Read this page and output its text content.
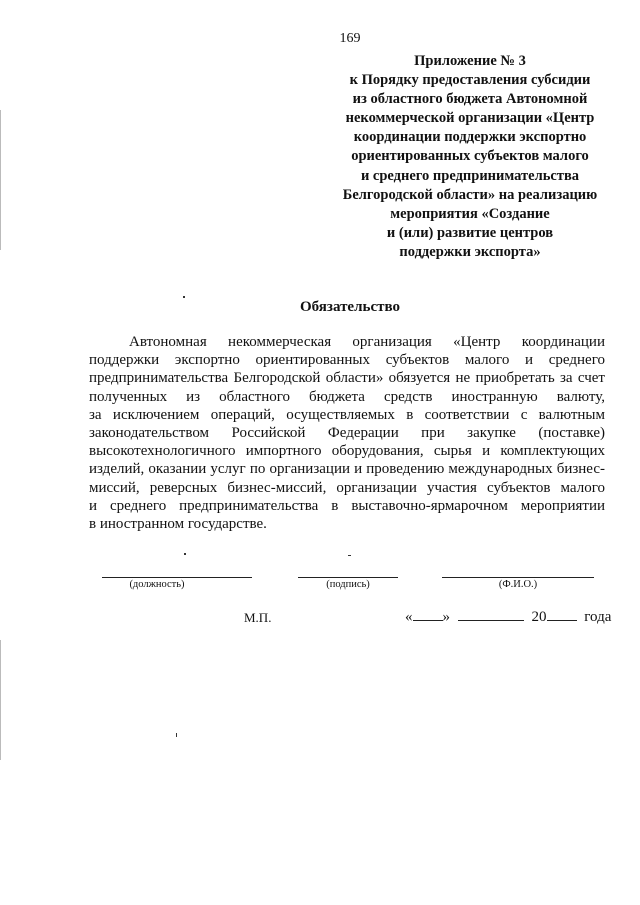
169
Приложение № 3
к Порядку предоставления субсидии
из областного бюджета Автономной
некоммерческой организации «Центр
координации поддержки экспортно
ориентированных субъектов малого
и среднего предпринимательства
Белгородской области» на реализацию
мероприятия «Создание
и (или) развитие центров
поддержки экспорта»
Обязательство
Автономная некоммерческая организация «Центр координации
поддержки экспортно ориентированных субъектов малого и среднего
предпринимательства Белгородской области» обязуется не приобретать за счет
полученных из областного бюджета средств иностранную валюту,
за исключением операций, осуществляемых в соответствии с валютным
законодательством Российской Федерации при закупке (поставке)
высокотехнологичного импортного оборудования, сырья и комплектующих
изделий, оказании услуг по организации и проведению международных бизнес-
миссий, реверсных бизнес-миссий, организации участия субъектов малого
и среднего предпринимательства в выставочно-ярмарочном мероприятии
в иностранном государстве.
(должность)	(подпись)	(Ф.И.О.)
М.П.	« »	20	года
